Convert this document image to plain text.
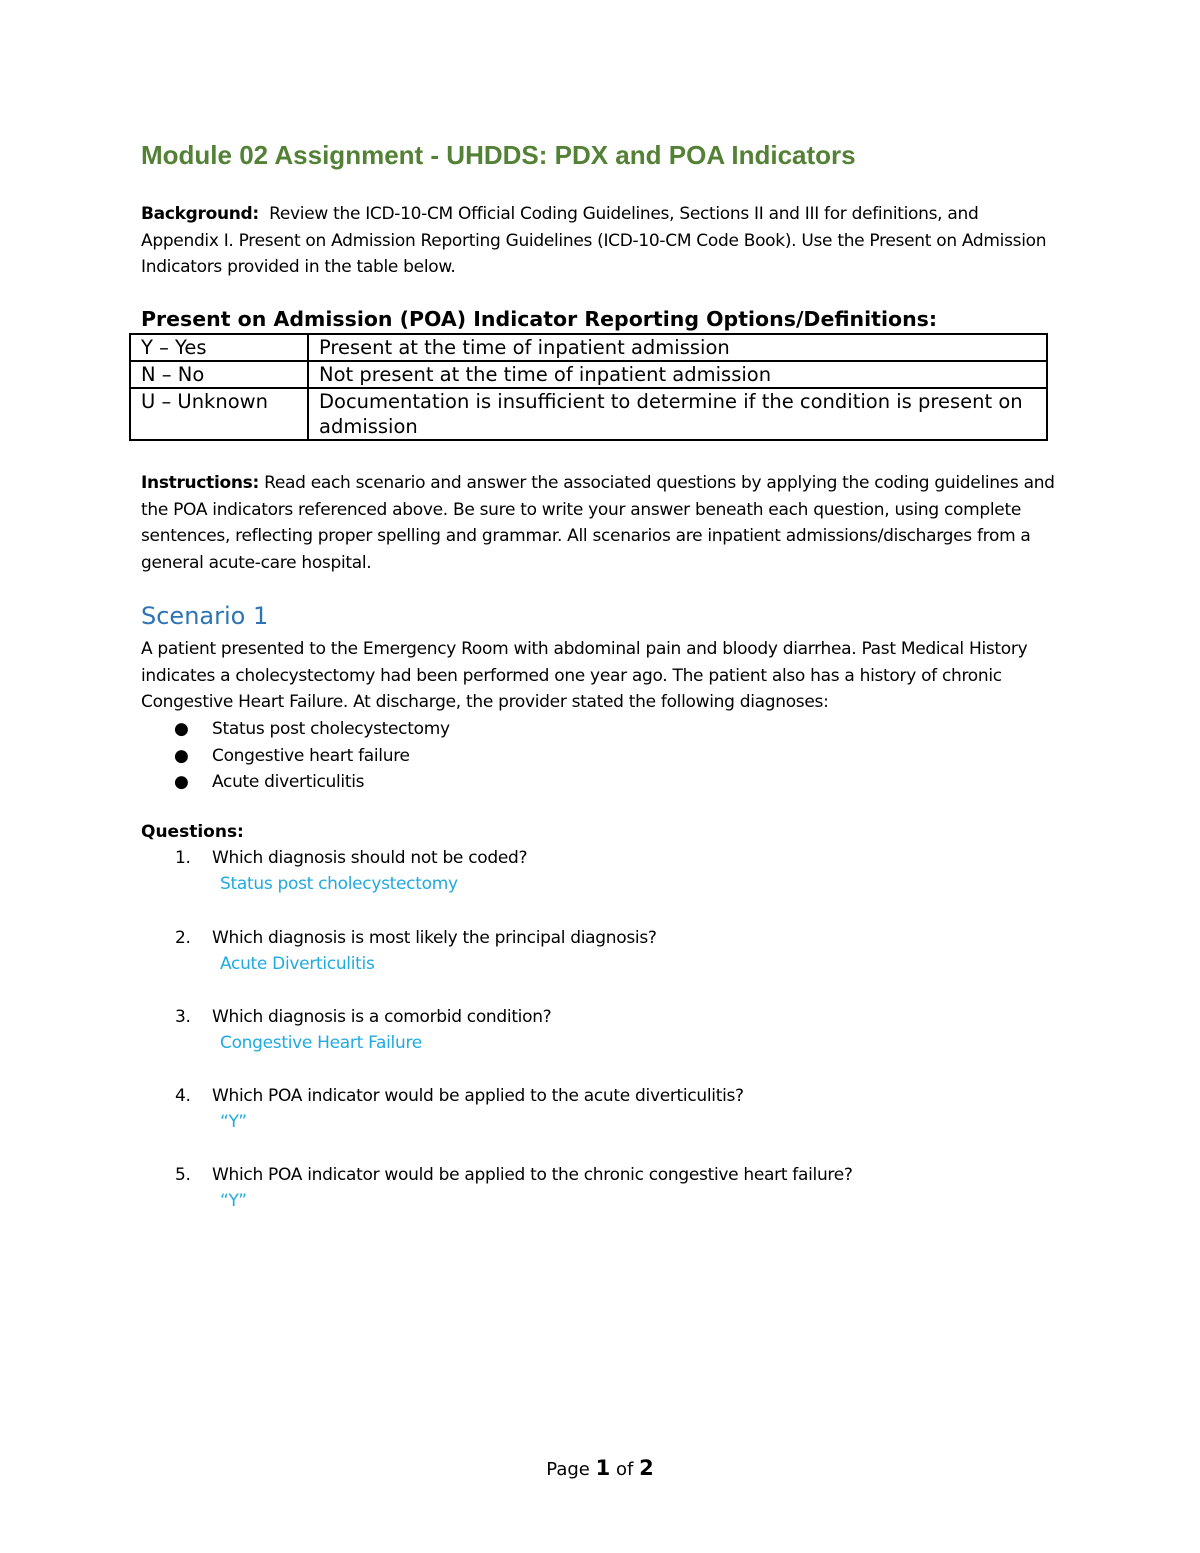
Module 02 Assignment - UHDDS: PDX and POA Indicators
Background: Review the ICD-10-CM Official Coding Guidelines, Sections II and III for definitions, and Appendix I. Present on Admission Reporting Guidelines (ICD-10-CM Code Book). Use the Present on Admission Indicators provided in the table below.
Present on Admission (POA) Indicator Reporting Options/Definitions:
Y – Yes	Present at the time of inpatient admission
N – No	Not present at the time of inpatient admission
U – Unknown	Documentation is insufficient to determine if the condition is present on admission
Instructions: Read each scenario and answer the associated questions by applying the coding guidelines and the POA indicators referenced above. Be sure to write your answer beneath each question, using complete sentences, reflecting proper spelling and grammar. All scenarios are inpatient admissions/discharges from a general acute-care hospital.
Scenario 1
A patient presented to the Emergency Room with abdominal pain and bloody diarrhea. Past Medical History indicates a cholecystectomy had been performed one year ago. The patient also has a history of chronic Congestive Heart Failure. At discharge, the provider stated the following diagnoses:
● Status post cholecystectomy
● Congestive heart failure
● Acute diverticulitis
Questions:
1. Which diagnosis should not be coded?
Status post cholecystectomy
2. Which diagnosis is most likely the principal diagnosis?
Acute Diverticulitis
3. Which diagnosis is a comorbid condition?
Congestive Heart Failure
4. Which POA indicator would be applied to the acute diverticulitis?
“Y”
5. Which POA indicator would be applied to the chronic congestive heart failure?
“Y”
Page 1 of 2
